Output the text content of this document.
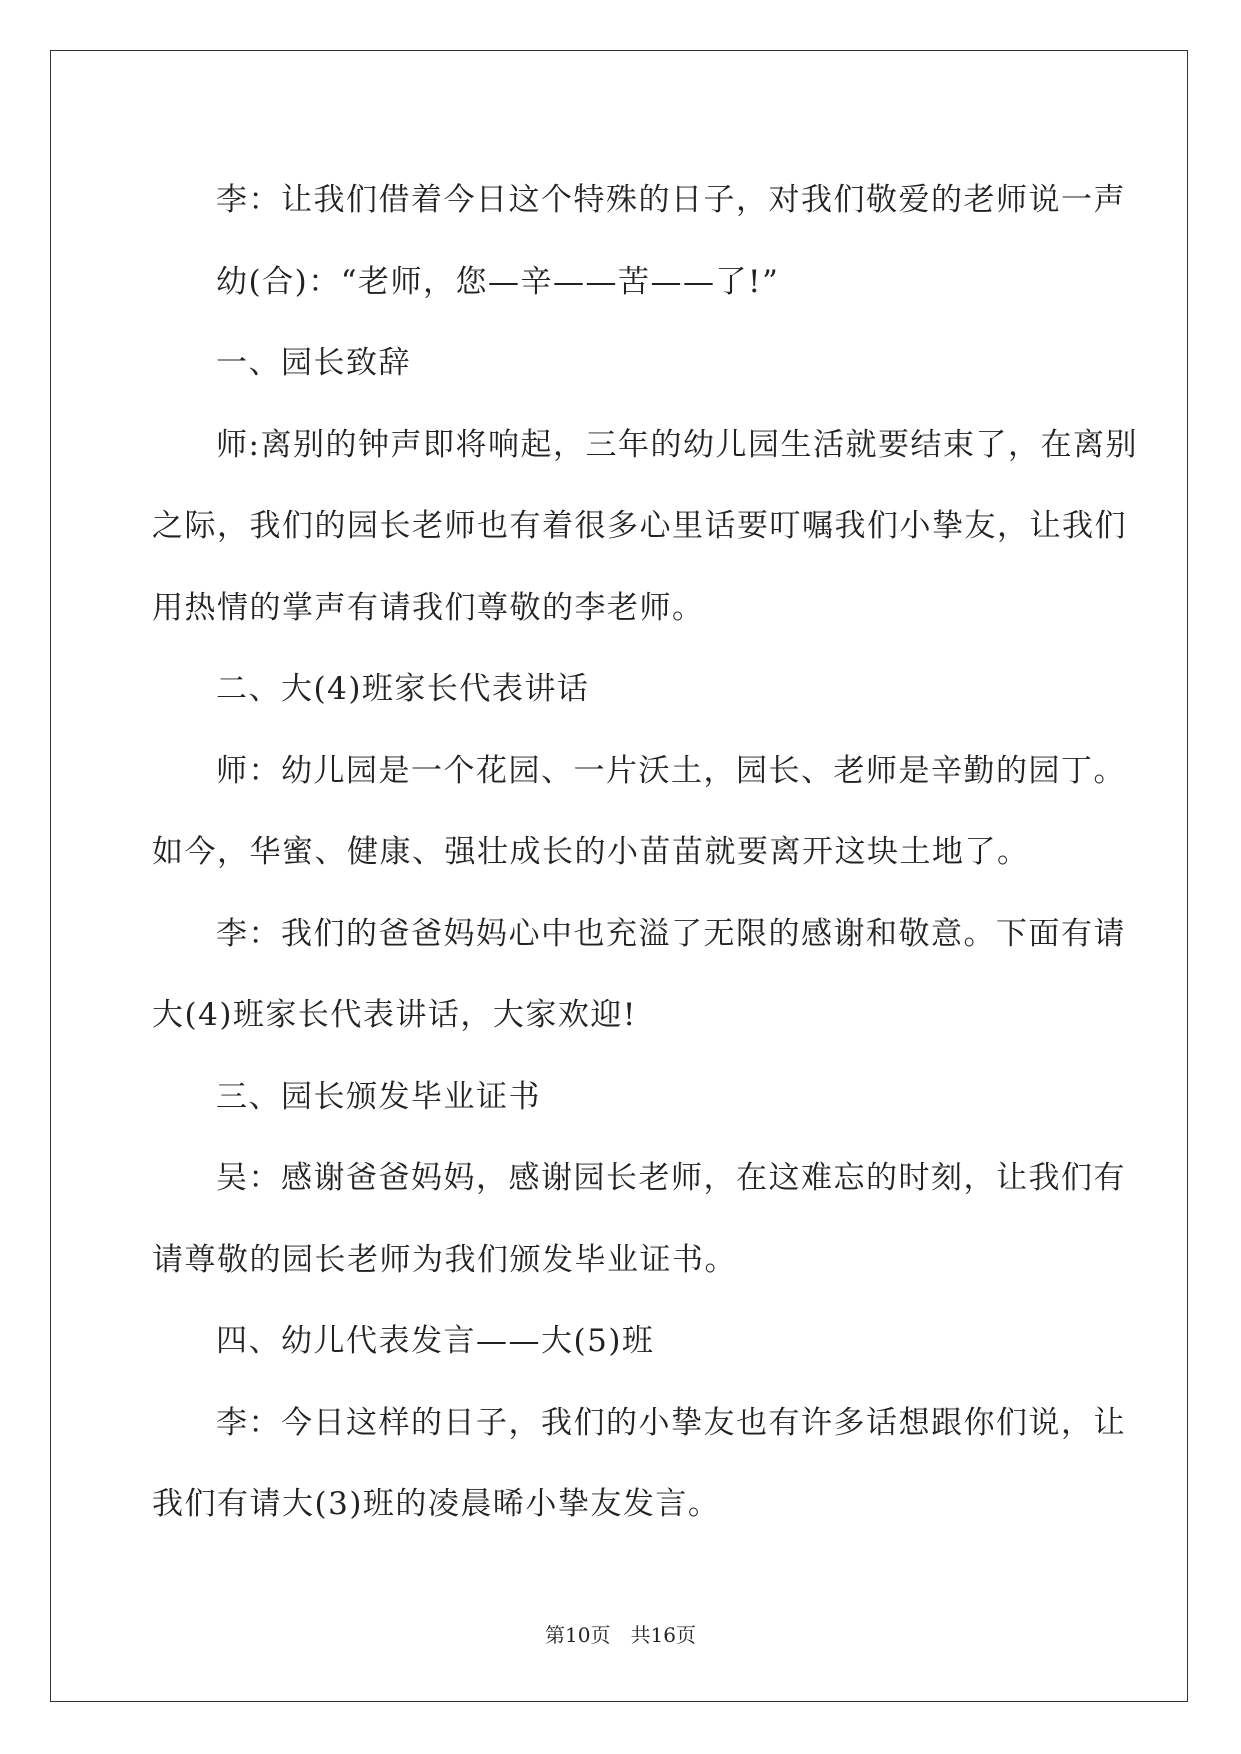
李：让我们借着今日这个特殊的日子，对我们敬爱的老师说一声
幼(合)：“老师，您—辛——苦——了!”
一、园长致辞
师:离别的钟声即将响起，三年的幼儿园生活就要结束了，在离别
之际，我们的园长老师也有着很多心里话要叮嘱我们小挚友，让我们
用热情的掌声有请我们尊敬的李老师。
二、大(4)班家长代表讲话
师：幼儿园是一个花园、一片沃土，园长、老师是辛勤的园丁。
如今，华蜜、健康、强壮成长的小苗苗就要离开这块土地了。
李：我们的爸爸妈妈心中也充溢了无限的感谢和敬意。下面有请
大(4)班家长代表讲话，大家欢迎!
三、园长颁发毕业证书
吴：感谢爸爸妈妈，感谢园长老师，在这难忘的时刻，让我们有
请尊敬的园长老师为我们颁发毕业证书。
四、幼儿代表发言——大(5)班
李：今日这样的日子，我们的小挚友也有许多话想跟你们说，让
我们有请大(3)班的凌晨晞小挚友发言。
第10页　共16页
